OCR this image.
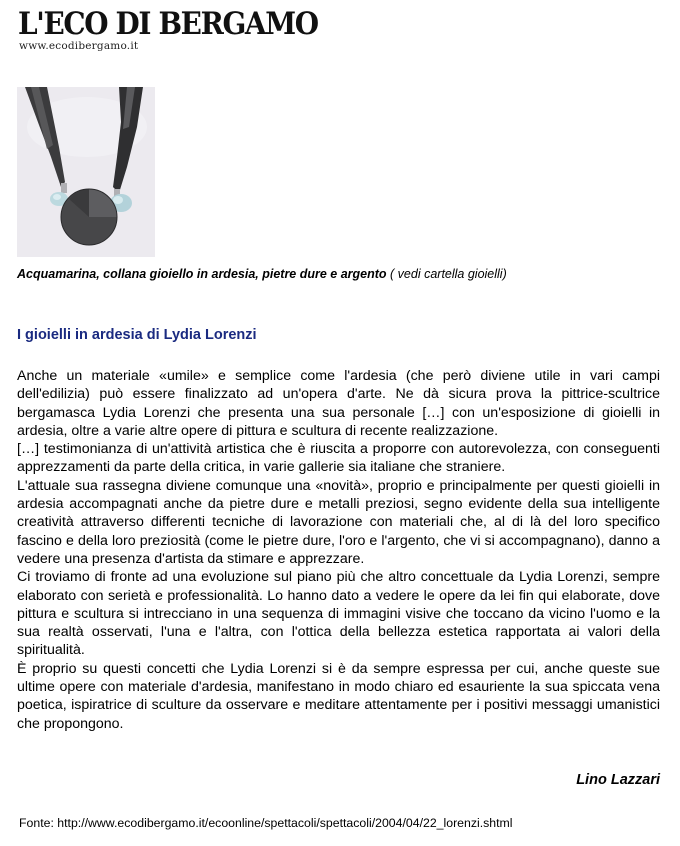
L'ECO DI BERGAMO
www.ecodibergamo.it
Acquamarina, collana gioiello in ardesia, pietre dure e argento ( vedi cartella gioielli)
I gioielli in ardesia di Lydia Lorenzi

Anche un materiale «umile» e semplice come l'ardesia (che però diviene utile in vari campi dell'edilizia) può essere finalizzato ad un'opera d'arte. Ne dà sicura prova la pittrice-scultrice bergamasca Lydia Lorenzi che presenta una sua personale […] con un'esposizione di gioielli in ardesia, oltre a varie altre opere di pittura e scultura di recente realizzazione.

[…] testimonianza di un'attività artistica che è riuscita a proporre con autorevolezza, con conseguenti apprezzamenti da parte della critica, in varie gallerie sia italiane che straniere.

L'attuale sua rassegna diviene comunque una «novità», proprio e principalmente per questi gioielli in ardesia accompagnati anche da pietre dure e metalli preziosi, segno evidente della sua intelligente creatività attraverso differenti tecniche di lavorazione con materiali che, al di là del loro specifico fascino e della loro preziosità (come le pietre dure, l'oro e l'argento, che vi si accompagnano), danno a vedere una presenza d'artista da stimare e apprezzare.

Ci troviamo di fronte ad una evoluzione sul piano più che altro concettuale da Lydia Lorenzi, sempre elaborato con serietà e professionalità. Lo hanno dato a vedere le opere da lei fin qui elaborate, dove pittura e scultura si intrecciano in una sequenza di immagini visive che toccano da vicino l'uomo e la sua realtà osservati, l'una e l'altra, con l'ottica della bellezza estetica rapportata ai valori della spiritualità.

È proprio su questi concetti che Lydia Lorenzi si è da sempre espressa per cui, anche queste sue ultime opere con materiale d'ardesia, manifestano in modo chiaro ed esauriente la sua spiccata vena poetica, ispiratrice di sculture da osservare e meditare attentamente per i positivi messaggi umanistici che propongono.

Lino Lazzari
Fonte: http://www.ecodibergamo.it/ecoonline/spettacoli/spettacoli/2004/04/22_lorenzi.shtml
